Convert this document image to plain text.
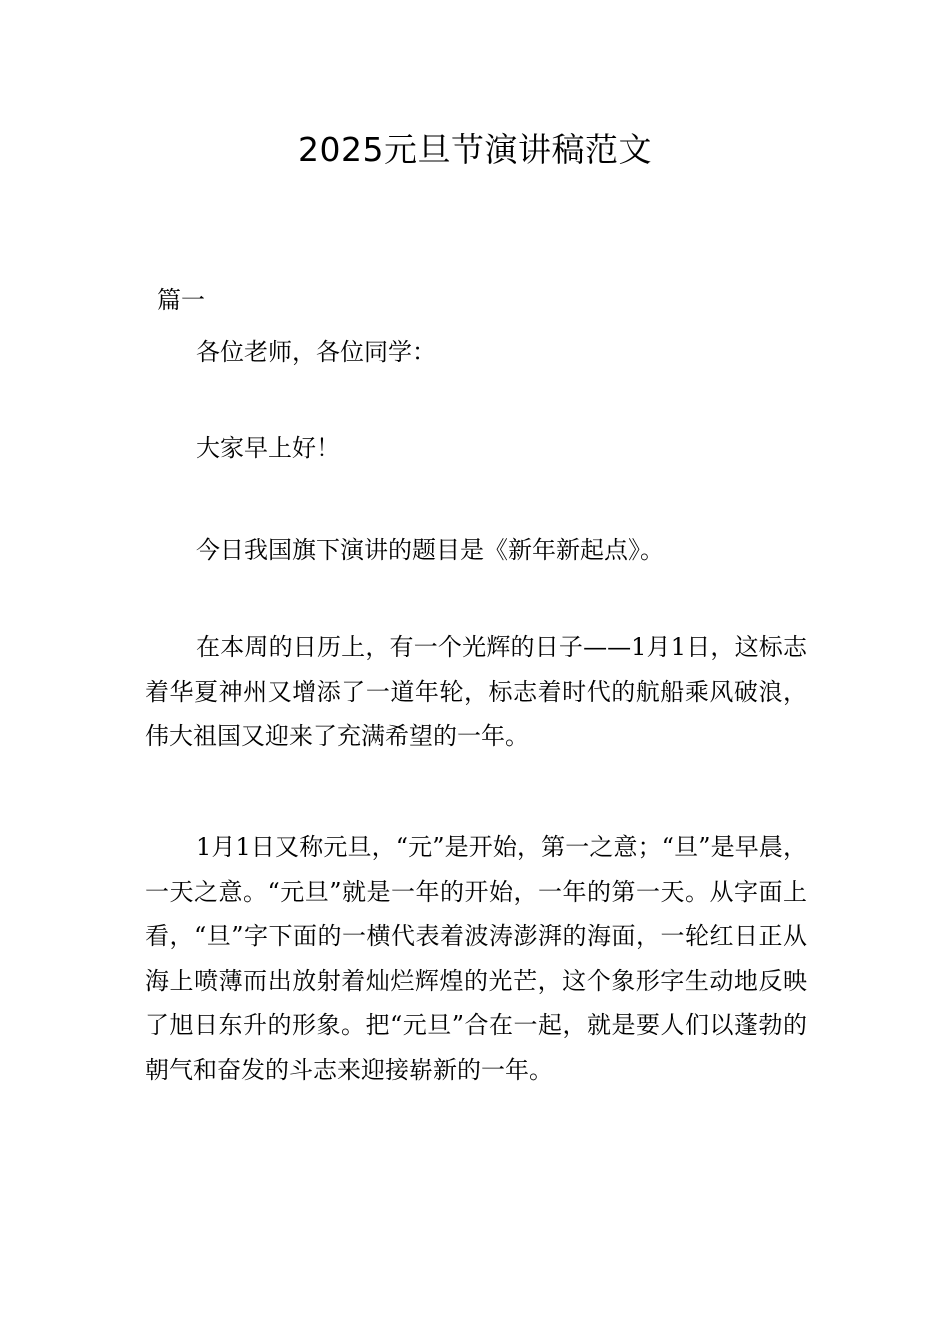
2025元旦节演讲稿范文
篇一

各位老师，各位同学：

大家早上好！

今日我国旗下演讲的题目是《新年新起点》。

在本周的日历上，有一个光辉的日子——1月1日，这标志着华夏神州又增添了一道年轮，标志着时代的航船乘风破浪，伟大祖国又迎来了充满希望的一年。

1月1日又称元旦，“元”是开始，第一之意；“旦”是早晨，一天之意。“元旦”就是一年的开始，一年的第一天。从字面上看，“旦”字下面的一横代表着波涛澎湃的海面，一轮红日正从海上喷薄而出放射着灿烂辉煌的光芒，这个象形字生动地反映了旭日东升的形象。把“元旦”合在一起，就是要人们以蓬勃的朝气和奋发的斗志来迎接崭新的一年。
